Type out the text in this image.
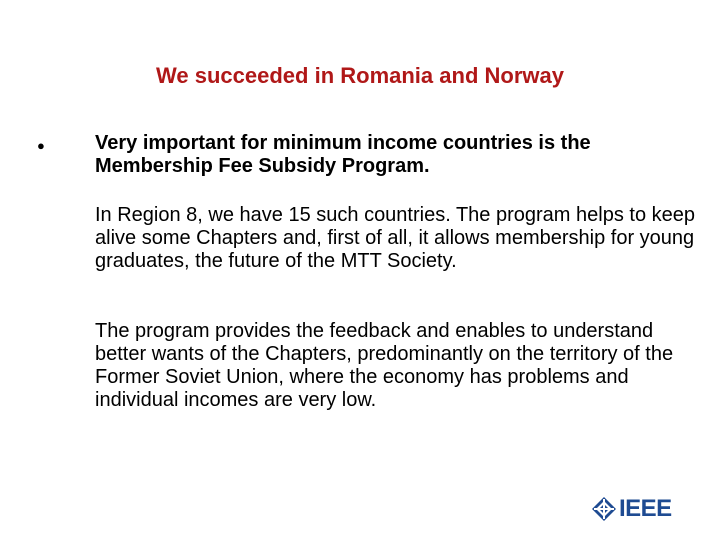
We succeeded in Romania and Norway
●	Very important for minimum income countries is the Membership Fee Subsidy Program.

In Region 8, we have 15 such countries. The program helps to keep alive some Chapters and, first of all, it allows membership for young graduates, the future of the MTT Society.

The program provides the feedback and enables to understand better wants of the Chapters, predominantly on the territory of the Former Soviet Union, where the economy has problems and individual incomes are very low.

IEEE
